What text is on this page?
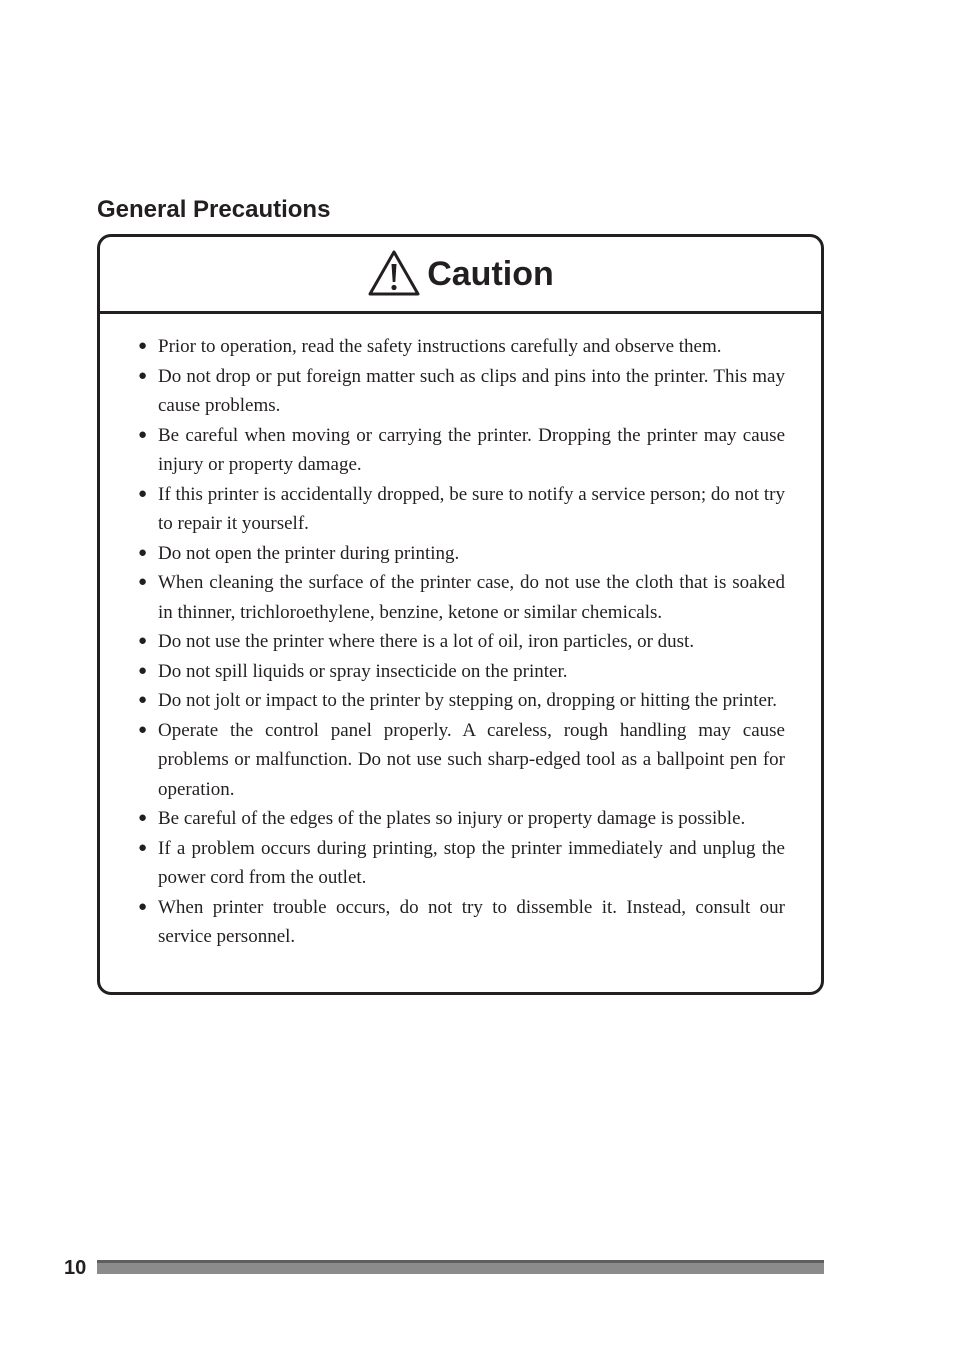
General Precautions
Caution
● Prior to operation, read the safety instructions carefully and observe them.
● Do not drop or put foreign matter such as clips and pins into the printer. This may cause problems.
● Be careful when moving or carrying the printer. Dropping the printer may cause injury or property damage.
● If this printer is accidentally dropped, be sure to notify a service person; do not try to repair it yourself.
● Do not open the printer during printing.
● When cleaning the surface of the printer case, do not use the cloth that is soaked in thinner, trichloroethylene, benzine, ketone or similar chemicals.
● Do not use the printer where there is a lot of oil, iron particles, or dust.
● Do not spill liquids or spray insecticide on the printer.
● Do not jolt or impact to the printer by stepping on, dropping or hitting the printer.
● Operate the control panel properly. A careless, rough handling may cause problems or malfunction. Do not use such sharp-edged tool as a ballpoint pen for operation.
● Be careful of the edges of the plates so injury or property damage is possible.
● If a problem occurs during printing, stop the printer immediately and unplug the power cord from the outlet.
● When printer trouble occurs, do not try to dissemble it. Instead, consult our service personnel.
10
